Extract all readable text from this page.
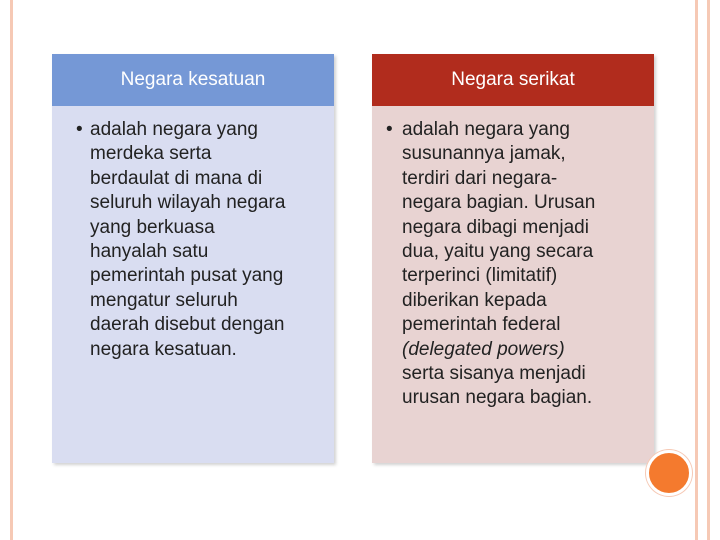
Negara kesatuan
• adalah negara yang
merdeka serta
berdaulat di mana di
seluruh wilayah negara
yang berkuasa
hanyalah satu
pemerintah pusat yang
mengatur seluruh
daerah disebut dengan
negara kesatuan.
Negara serikat
• adalah negara yang
susunannya jamak,
terdiri dari negara-
negara bagian. Urusan
negara dibagi menjadi
dua, yaitu yang secara
terperinci (limitatif)
diberikan kepada
pemerintah federal
(delegated powers)
serta sisanya menjadi
urusan negara bagian.
